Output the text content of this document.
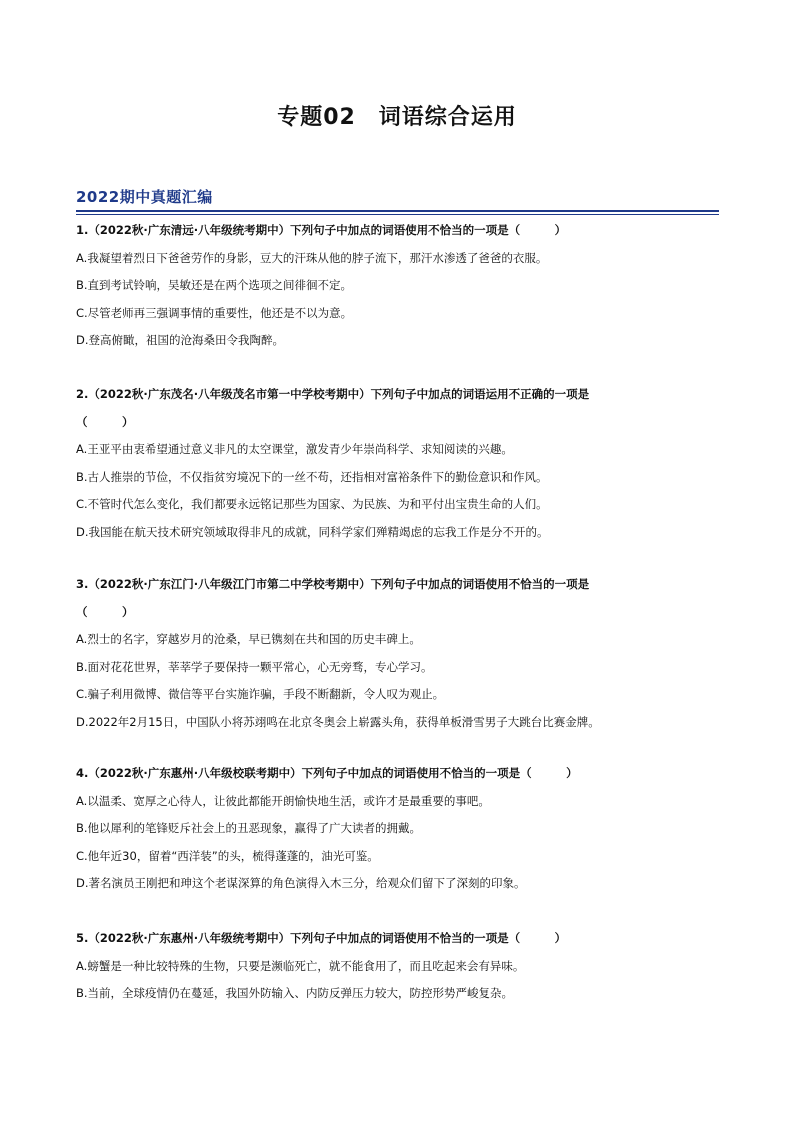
专题02　词语综合运用
2022期中真题汇编
1.（2022秋·广东清远·八年级统考期中）下列句子中加点的词语使用不恰当的一项是（　　　）
A.我凝望着烈日下爸爸劳作的身影，豆大的汗珠从他的脖子流下，那汗水渗透了爸爸的衣服。
B.直到考试铃响，吴敏还是在两个选项之间徘徊不定。
C.尽管老师再三强调事情的重要性，他还是不以为意。
D.登高俯瞰，祖国的沧海桑田令我陶醉。
2.（2022秋·广东茂名·八年级茂名市第一中学校考期中）下列句子中加点的词语运用不正确的一项是
（　　　）
A.王亚平由衷希望通过意义非凡的太空课堂，激发青少年崇尚科学、求知阅读的兴趣。
B.古人推崇的节俭，不仅指贫穷境况下的一丝不苟，还指相对富裕条件下的勤俭意识和作风。
C.不管时代怎么变化，我们都要永远铭记那些为国家、为民族、为和平付出宝贵生命的人们。
D.我国能在航天技术研究领域取得非凡的成就，同科学家们殚精竭虑的忘我工作是分不开的。
3.（2022秋·广东江门·八年级江门市第二中学校考期中）下列句子中加点的词语使用不恰当的一项是
（　　　）
A.烈士的名字，穿越岁月的沧桑，早已镌刻在共和国的历史丰碑上。
B.面对花花世界，莘莘学子要保持一颗平常心，心无旁骛，专心学习。
C.骗子利用微博、微信等平台实施诈骗，手段不断翻新，令人叹为观止。
D.2022年2月15日，中国队小将苏翊鸣在北京冬奥会上崭露头角，获得单板滑雪男子大跳台比赛金牌。
4.（2022秋·广东惠州·八年级校联考期中）下列句子中加点的词语使用不恰当的一项是（　　　）
A.以温柔、宽厚之心待人，让彼此都能开朗愉快地生活，或许才是最重要的事吧。
B.他以犀利的笔锋贬斥社会上的丑恶现象，赢得了广大读者的拥戴。
C.他年近30，留着“西洋装”的头，梳得蓬蓬的，油光可鉴。
D.著名演员王刚把和珅这个老谋深算的角色演得入木三分，给观众们留下了深刻的印象。
5.（2022秋·广东惠州·八年级统考期中）下列句子中加点的词语使用不恰当的一项是（　　　）
A.螃蟹是一种比较特殊的生物，只要是濒临死亡，就不能食用了，而且吃起来会有异味。
B.当前，全球疫情仍在蔓延，我国外防输入、内防反弹压力较大，防控形势严峻复杂。
